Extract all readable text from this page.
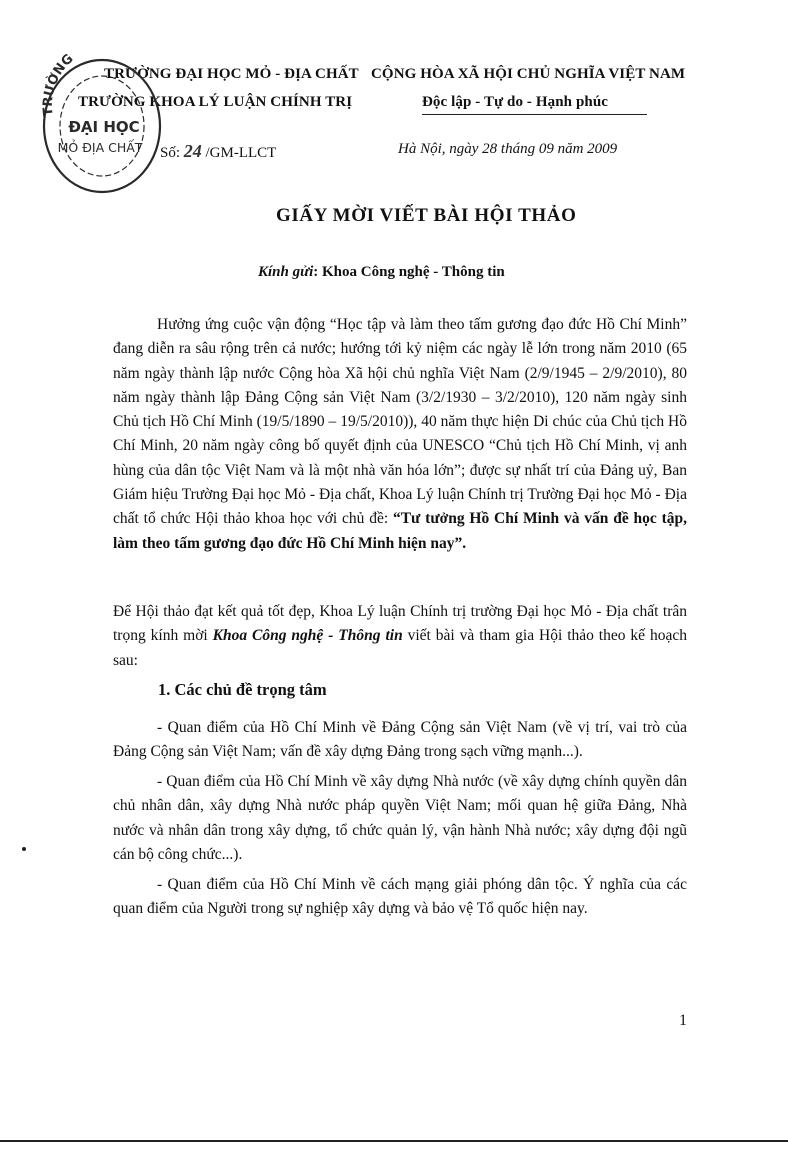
TRƯỜNG ĐẠI HỌC MỎ - ĐỊA CHẤT
TRƯỜNG KHOA LÝ LUẬN CHÍNH TRỊ
Số: 24 /GM-LLCT
CỘNG HÒA XÃ HỘI CHỦ NGHĨA VIỆT NAM
Độc lập - Tự do - Hạnh phúc
Hà Nội, ngày 28 tháng 09 năm 2009
TRƯỜNG
ĐẠI HỌC
MỎ ĐỊA CHẤT
GIẤY MỜI VIẾT BÀI HỘI THẢO
Kính gửi: Khoa Công nghệ - Thông tin
Hưởng ứng cuộc vận động “Học tập và làm theo tấm gương đạo đức Hồ Chí Minh” đang diễn ra sâu rộng trên cả nước; hướng tới kỷ niệm các ngày lễ lớn trong năm 2010 (65 năm ngày thành lập nước Cộng hòa Xã hội chủ nghĩa Việt Nam (2/9/1945 – 2/9/2010), 80 năm ngày thành lập Đảng Cộng sản Việt Nam (3/2/1930 – 3/2/2010), 120 năm ngày sinh Chủ tịch Hồ Chí Minh (19/5/1890 – 19/5/2010)), 40 năm thực hiện Di chúc của Chủ tịch Hồ Chí Minh, 20 năm ngày công bố quyết định của UNESCO “Chủ tịch Hồ Chí Minh, vị anh hùng của dân tộc Việt Nam và là một nhà văn hóa lớn”; được sự nhất trí của Đảng uỷ, Ban Giám hiệu Trường Đại học Mỏ - Địa chất, Khoa Lý luận Chính trị Trường Đại học Mỏ - Địa chất tổ chức Hội thảo khoa học với chủ đề: “Tư tưởng Hồ Chí Minh và vấn đề học tập, làm theo tấm gương đạo đức Hồ Chí Minh hiện nay”.
Để Hội thảo đạt kết quả tốt đẹp, Khoa Lý luận Chính trị trường Đại học Mỏ - Địa chất trân trọng kính mời Khoa Công nghệ - Thông tin viết bài và tham gia Hội thảo theo kế hoạch sau:
1. Các chủ đề trọng tâm
- Quan điểm của Hồ Chí Minh về Đảng Cộng sản Việt Nam (về vị trí, vai trò của Đảng Cộng sản Việt Nam; vấn đề xây dựng Đảng trong sạch vững mạnh...).
- Quan điểm của Hồ Chí Minh về xây dựng Nhà nước (về xây dựng chính quyền dân chủ nhân dân, xây dựng Nhà nước pháp quyền Việt Nam; mối quan hệ giữa Đảng, Nhà nước và nhân dân trong xây dựng, tổ chức quản lý, vận hành Nhà nước; xây dựng đội ngũ cán bộ công chức...).
- Quan điểm của Hồ Chí Minh về cách mạng giải phóng dân tộc. Ý nghĩa của các quan điểm của Người trong sự nghiệp xây dựng và bảo vệ Tổ quốc hiện nay.
1
